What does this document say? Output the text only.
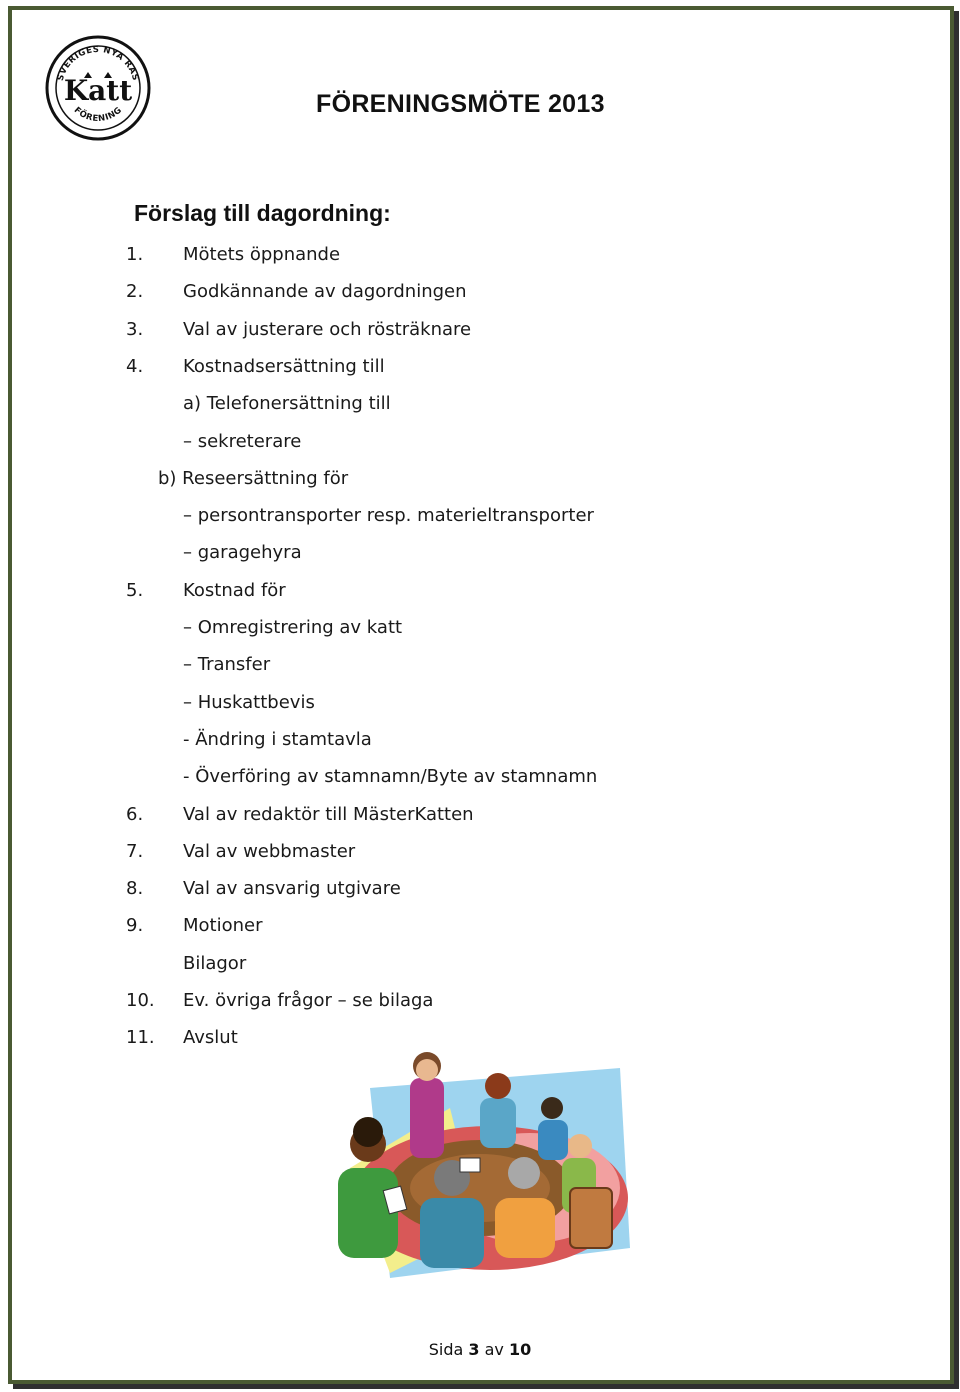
SVERIGES NYA RAS
Katt
FÖRENING	FÖRENINGSMÖTE 2013
Förslag till dagordning:
1. Mötets öppnande
2. Godkännande av dagordningen
3. Val av justerare och rösträknare
4. Kostnadsersättning till
a) Telefonersättning till
– sekreterare
b) Reseersättning för
– persontransporter resp. materieltransporter
– garagehyra
5. Kostnad för
– Omregistrering av katt
– Transfer
– Huskattbevis
- Ändring i stamtavla
- Överföring av stamnamn/Byte av stamnamn
6. Val av redaktör till MästerKatten
7. Val av webbmaster
8. Val av ansvarig utgivare
9. Motioner
Bilagor
10. Ev. övriga frågor – se bilaga
11. Avslut
Sida 3 av 10
